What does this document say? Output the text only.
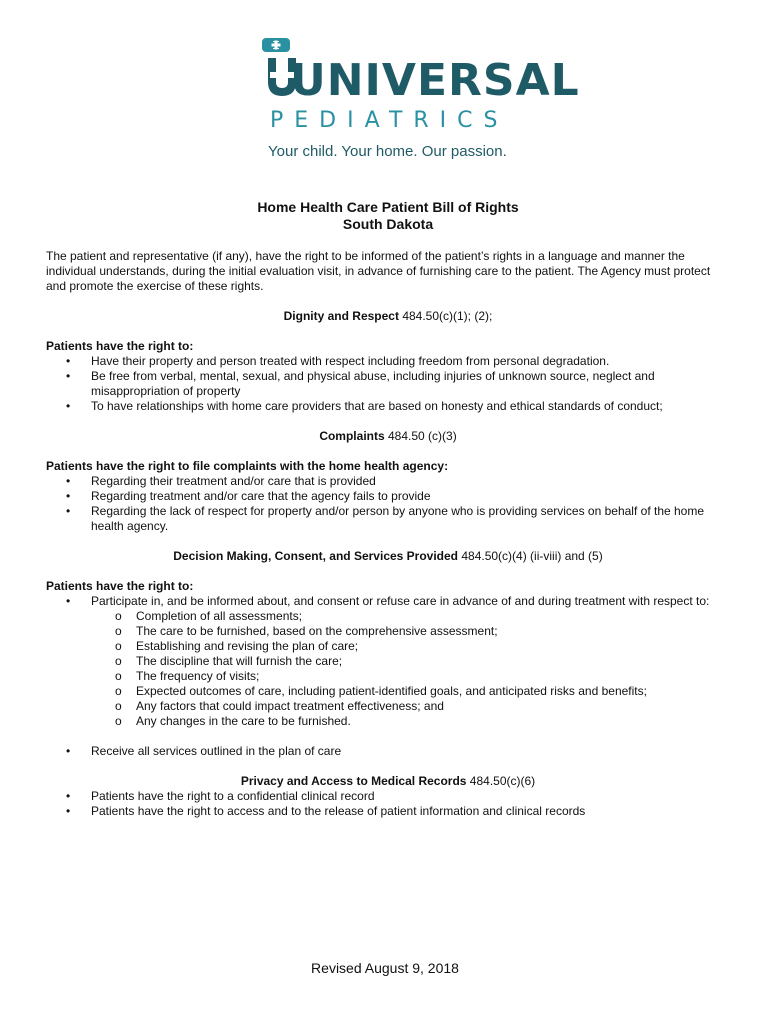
UNIVERSAL
PEDIATRICS
Your child. Your home. Our passion.

Home Health Care Patient Bill of Rights
South Dakota

The patient and representative (if any), have the right to be informed of the patient’s rights in a language and manner the individual understands, during the initial evaluation visit, in advance of furnishing care to the patient. The Agency must protect and promote the exercise of these rights.

Dignity and Respect 484.50(c)(1); (2);

Patients have the right to:

• Have their property and person treated with respect including freedom from personal degradation.
• Be free from verbal, mental, sexual, and physical abuse, including injuries of unknown source, neglect and misappropriation of property
• To have relationships with home care providers that are based on honesty and ethical standards of conduct;

Complaints 484.50 (c)(3)

Patients have the right to file complaints with the home health agency:

• Regarding their treatment and/or care that is provided
• Regarding treatment and/or care that the agency fails to provide
• Regarding the lack of respect for property and/or person by anyone who is providing services on behalf of the home health agency.

Decision Making, Consent, and Services Provided 484.50(c)(4) (ii-viii) and (5)

Patients have the right to:

• Participate in, and be informed about, and consent or refuse care in advance of and during treatment with respect to:
o Completion of all assessments;
o The care to be furnished, based on the comprehensive assessment;
o Establishing and revising the plan of care;
o The discipline that will furnish the care;
o The frequency of visits;
o Expected outcomes of care, including patient-identified goals, and anticipated risks and benefits;
o Any factors that could impact treatment effectiveness; and
o Any changes in the care to be furnished.
• Receive all services outlined in the plan of care

Privacy and Access to Medical Records 484.50(c)(6)

• Patients have the right to a confidential clinical record
• Patients have the right to access and to the release of patient information and clinical records
Revised August 9, 2018
